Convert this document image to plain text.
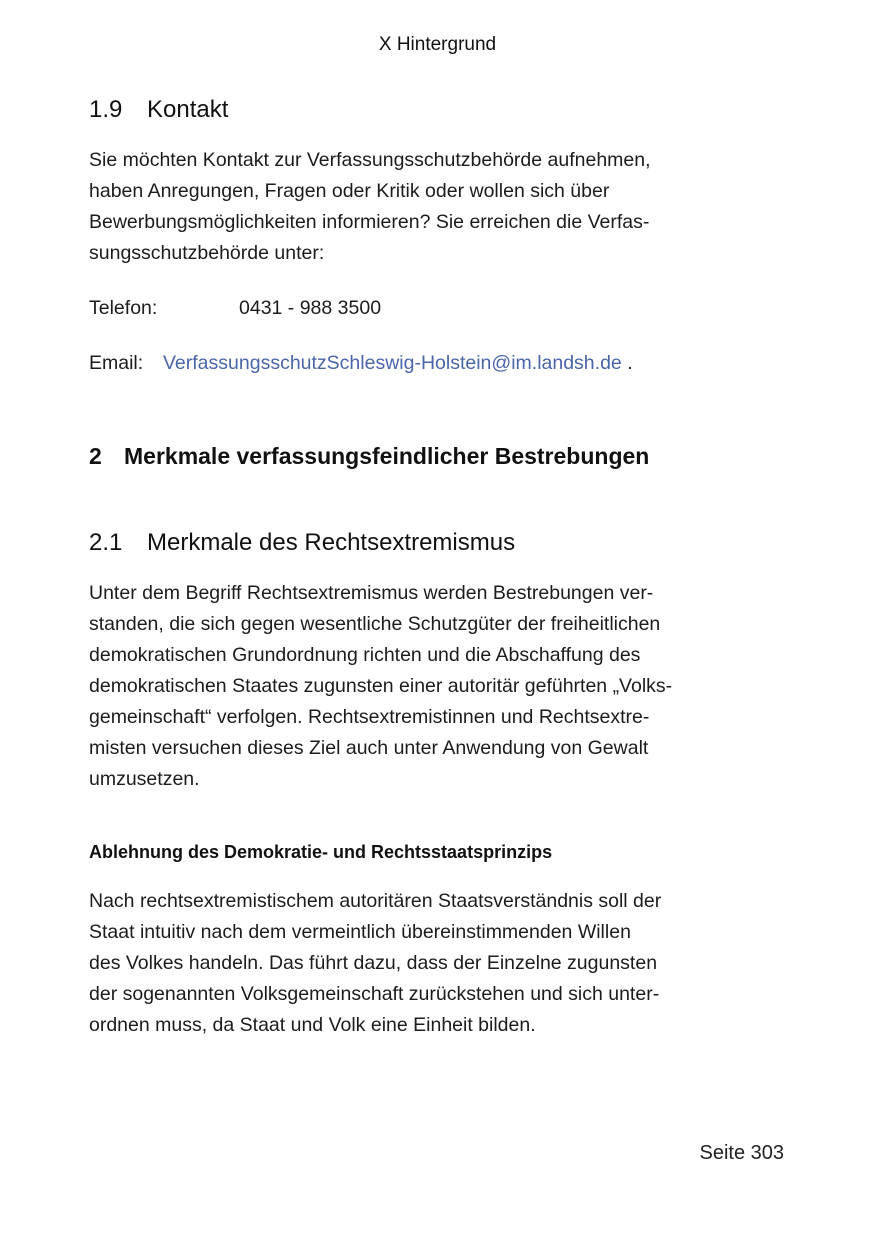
X Hintergrund
1.9 Kontakt

Sie möchten Kontakt zur Verfassungsschutzbehörde aufnehmen,
haben Anregungen, Fragen oder Kritik oder wollen sich über
Bewerbungsmöglichkeiten informieren? Sie erreichen die Verfas-
sungsschutzbehörde unter:

Telefon:	0431 - 988 3500
Email: VerfassungsschutzSchleswig-Holstein@im.landsh.de .
2 Merkmale verfassungsfeindlicher Bestrebungen
2.1 Merkmale des Rechtsextremismus

Unter dem Begriff Rechtsextremismus werden Bestrebungen ver-
standen, die sich gegen wesentliche Schutzgüter der freiheitlichen
demokratischen Grundordnung richten und die Abschaffung des
demokratischen Staates zugunsten einer autoritär geführten „Volks-
gemeinschaft“ verfolgen. Rechtsextremistinnen und Rechtsextre-
misten versuchen dieses Ziel auch unter Anwendung von Gewalt
umzusetzen.

Ablehnung des Demokratie- und Rechtsstaatsprinzips

Nach rechtsextremistischem autoritären Staatsverständnis soll der
Staat intuitiv nach dem vermeintlich übereinstimmenden Willen
des Volkes handeln. Das führt dazu, dass der Einzelne zugunsten
der sogenannten Volksgemeinschaft zurückstehen und sich unter-
ordnen muss, da Staat und Volk eine Einheit bilden.

Seite 303
